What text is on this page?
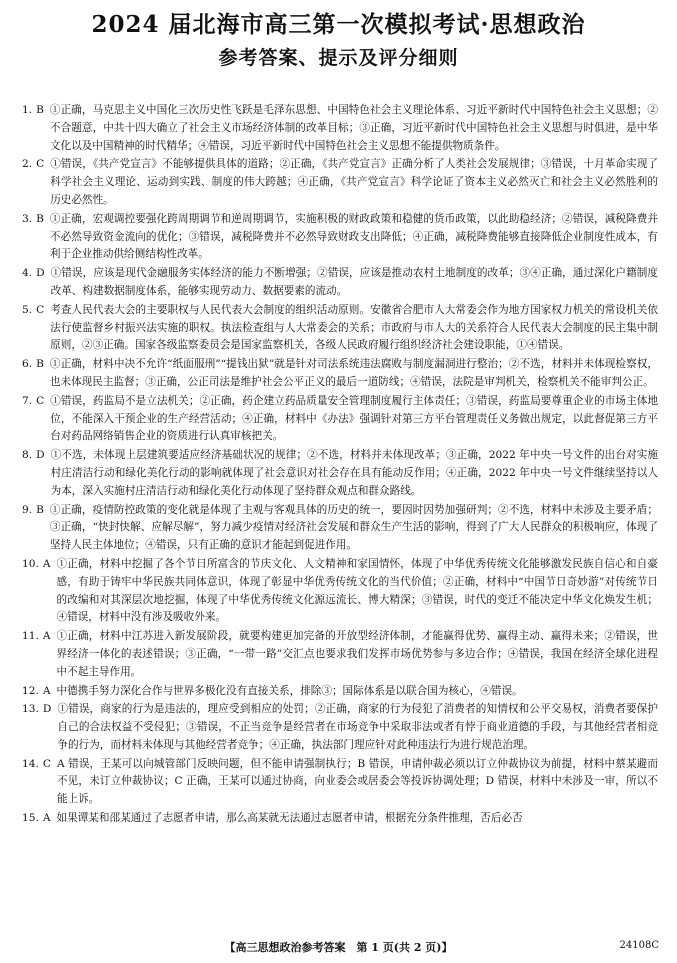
2024 届北海市高三第一次模拟考试·思想政治
参考答案、提示及评分细则
1. B ①正确，马克思主义中国化三次历史性飞跃是毛泽东思想、中国特色社会主义理论体系、习近平新时代中国特色社会主义思想；②不合题意，中共十四大确立了社会主义市场经济体制的改革目标；③正确，习近平新时代中国特色社会主义思想与时俱进，是中华文化以及中国精神的时代精华；④错误，习近平新时代中国特色社会主义思想不能提供物质条件。
2. C ①错误，《共产党宣言》不能够提供具体的道路；②正确，《共产党宣言》正确分析了人类社会发展规律；③错误，十月革命实现了科学社会主义理论、运动到实践、制度的伟大跨越；④正确，《共产党宣言》科学论证了资本主义必然灭亡和社会主义必然胜利的历史必然性。
3. B ①正确，宏观调控要强化跨周期调节和逆周期调节，实施积极的财政政策和稳健的货币政策，以此助稳经济；②错误，减税降费并不必然导致资金流向的优化；③错误，减税降费并不必然导致财政支出降低；④正确，减税降费能够直接降低企业制度性成本，有利于企业推动供给侧结构性改革。
4. D ①错误，应该是现代金融服务实体经济的能力不断增强；②错误，应该是推动农村土地制度的改革；③④正确，通过深化户籍制度改革、构建数据制度体系，能够实现劳动力、数据要素的流动。
5. C 考查人民代表大会的主要职权与人民代表大会制度的组织活动原则。安徽省合肥市人大常委会作为地方国家权力机关的常设机关依法行使监督乡村振兴法实施的职权。执法检查组与人大常委会的关系；市政府与市人大的关系符合人民代表大会制度的民主集中制原则，②③正确。国家各级监察委员会是国家监察机关，各级人民政府履行组织经济社会建设职能，①④错误。
6. B ①正确，材料中决不允许“纸面服刑”“提钱出狱”就是针对司法系统违法腐败与制度漏洞进行整治；②不选，材料并未体现检察权，也未体现民主监督；③正确，公正司法是维护社会公平正义的最后一道防线；④错误，法院是审判机关，检察机关不能审判公正。
7. C ①错误，药监局不是立法机关；②正确，药企建立药品质量安全管理制度履行主体责任；③错误，药监局要尊重企业的市场主体地位，不能深入干预企业的生产经营活动；④正确，材料中《办法》强调针对第三方平台管理责任义务做出规定，以此督促第三方平台对药品网络销售企业的资质进行认真审核把关。
8. D ①不选，未体现上层建筑要适应经济基础状况的规律；②不选，材料并未体现改革；③正确，2022 年中央一号文件的出台对实施村庄清洁行动和绿化美化行动的影响就体现了社会意识对社会存在具有能动反作用；④正确，2022 年中央一号文件继续坚持以人为本，深入实施村庄清洁行动和绿化美化行动体现了坚持群众观点和群众路线。
9. B ①正确，疫情防控政策的变化就是体现了主观与客观具体的历史的统一，要因时因势加强研判；②不选，材料中未涉及主要矛盾；③正确，“快封快解、应解尽解”，努力减少疫情对经济社会发展和群众生产生活的影响，得到了广大人民群众的积极响应，体现了坚持人民主体地位；④错误，只有正确的意识才能起到促进作用。
10. A ①正确，材料中挖掘了各个节日所富含的节庆文化、人文精神和家国情怀，体现了中华优秀传统文化能够激发民族自信心和自豪感，有助于铸牢中华民族共同体意识，体现了彰显中华优秀传统文化的当代价值；②正确，材料中“中国节日奇妙游”对传统节日的改编和对其深层次地挖掘，体现了中华优秀传统文化源远流长、博大精深；③错误，时代的变迁不能决定中华文化焕发生机；④错误，材料中没有涉及吸收外来。
11. A ①正确，材料中江苏进入新发展阶段，就要构建更加完备的开放型经济体制，才能赢得优势、赢得主动、赢得未来；②错误，世界经济一体化的表述错误；③正确，“一带一路”交汇点也要求我们发挥市场优势参与多边合作；④错误，我国在经济全球化进程中不起主导作用。
12. A 中德携手努力深化合作与世界多极化没有直接关系，排除③；国际体系是以联合国为核心，④错误。
13. D ①错误，商家的行为是违法的，理应受到相应的处罚；②正确，商家的行为侵犯了消费者的知情权和公平交易权，消费者要保护自己的合法权益不受侵犯；③错误，不正当竞争是经营者在市场竞争中采取非法或者有悖于商业道德的手段，与其他经营者相竞争的行为，而材料未体现与其他经营者竞争；④正确，执法部门理应针对此种违法行为进行规范治理。
14. C A 错误，王某可以向城管部门反映问题，但不能申请强制执行；B 错误，申请仲裁必须以订立仲裁协议为前提，材料中蔡某避而不见，未订立仲裁协议；C 正确，王某可以通过协商，向业委会或居委会等投诉协调处理；D 错误，材料中未涉及一审，所以不能上诉。
15. A 如果谭某和邵某通过了志愿者申请，那么高某就无法通过志愿者申请，根据充分条件推理，否后必否
【高三思想政治参考答案　第 1 页(共 2 页)】	24108C
